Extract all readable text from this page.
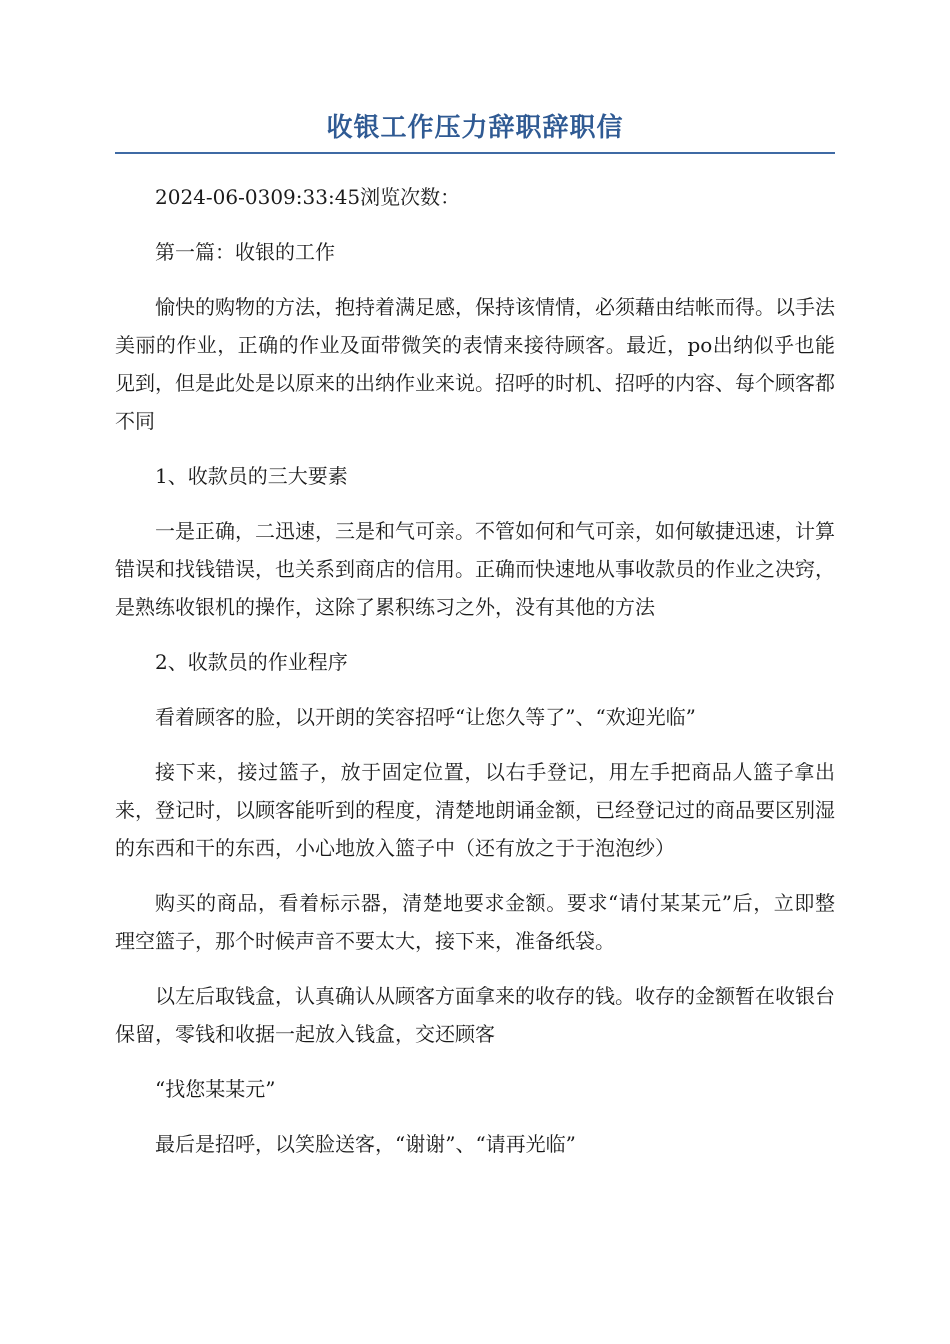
收银工作压力辞职辞职信

2024-06-0309:33:45浏览次数：

第一篇：收银的工作

愉快的购物的方法，抱持着满足感，保持该情情，必须藉由结帐而得。以手法美丽的作业，正确的作业及面带微笑的表情来接待顾客。最近，po出纳似乎也能见到，但是此处是以原来的出纳作业来说。招呼的时机、招呼的内容、每个顾客都不同

1、收款员的三大要素

一是正确，二迅速，三是和气可亲。不管如何和气可亲，如何敏捷迅速，计算错误和找钱错误，也关系到商店的信用。正确而快速地从事收款员的作业之决窍，是熟练收银机的操作，这除了累积练习之外，没有其他的方法

2、收款员的作业程序

看着顾客的脸，以开朗的笑容招呼“让您久等了”、“欢迎光临”

接下来，接过篮子，放于固定位置，以右手登记，用左手把商品人篮子拿出来，登记时，以顾客能听到的程度，清楚地朗诵金额，已经登记过的商品要区别湿的东西和干的东西，小心地放入篮子中（还有放之于于泡泡纱）

购买的商品，看着标示器，清楚地要求金额。要求“请付某某元”后，立即整理空篮子，那个时候声音不要太大，接下来，准备纸袋。

以左后取钱盒，认真确认从顾客方面拿来的收存的钱。收存的金额暂在收银台保留，零钱和收据一起放入钱盒，交还顾客

“找您某某元”

最后是招呼，以笑脸送客，“谢谢”、“请再光临”
